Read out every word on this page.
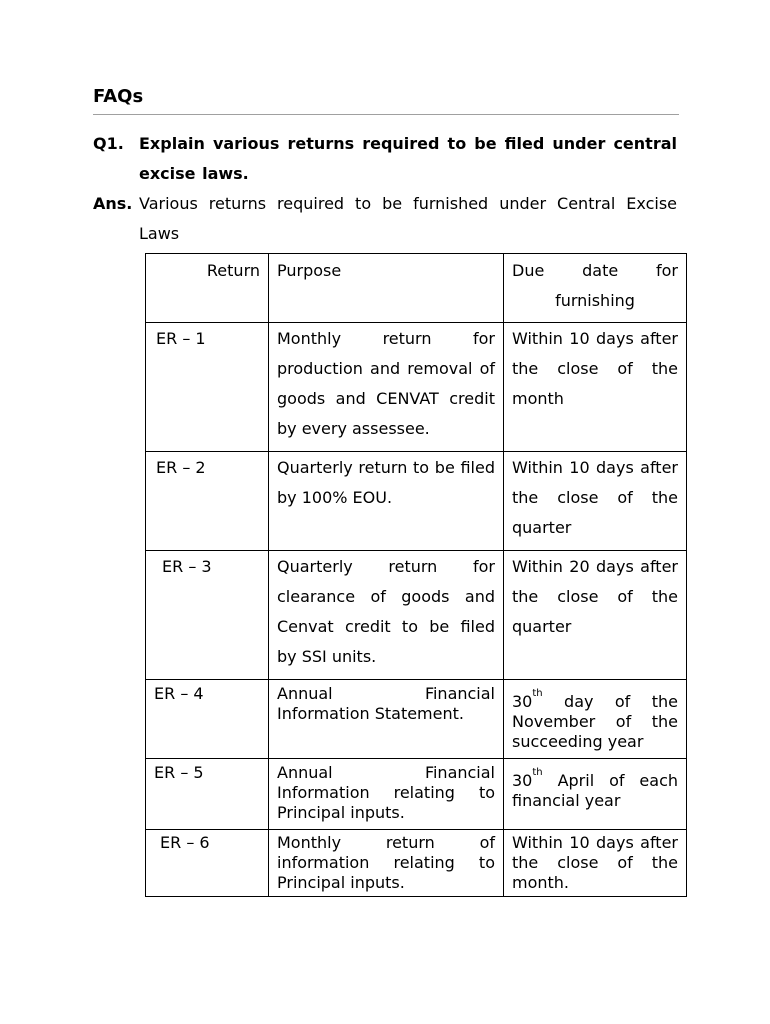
FAQs
Q1. Explain various returns required to be filed under central excise laws.
Ans. Various returns required to be furnished under Central Excise Laws
Return	Purpose	Due date for furnishing
ER – 1	Monthly return for production and removal of goods and CENVAT credit by every assessee.	Within 10 days after the close of the month
ER – 2	Quarterly return to be filed by 100% EOU.	Within 10 days after the close of the quarter
ER – 3	Quarterly return for clearance of goods and Cenvat credit to be filed by SSI units.	Within 20 days after the close of the quarter
ER – 4	Annual Financial Information Statement.	30th day of the November of the succeeding year
ER – 5	Annual Financial Information relating to Principal inputs.	30th April of each financial year
ER – 6	Monthly return of information relating to Principal inputs.	Within 10 days after the close of the month.
